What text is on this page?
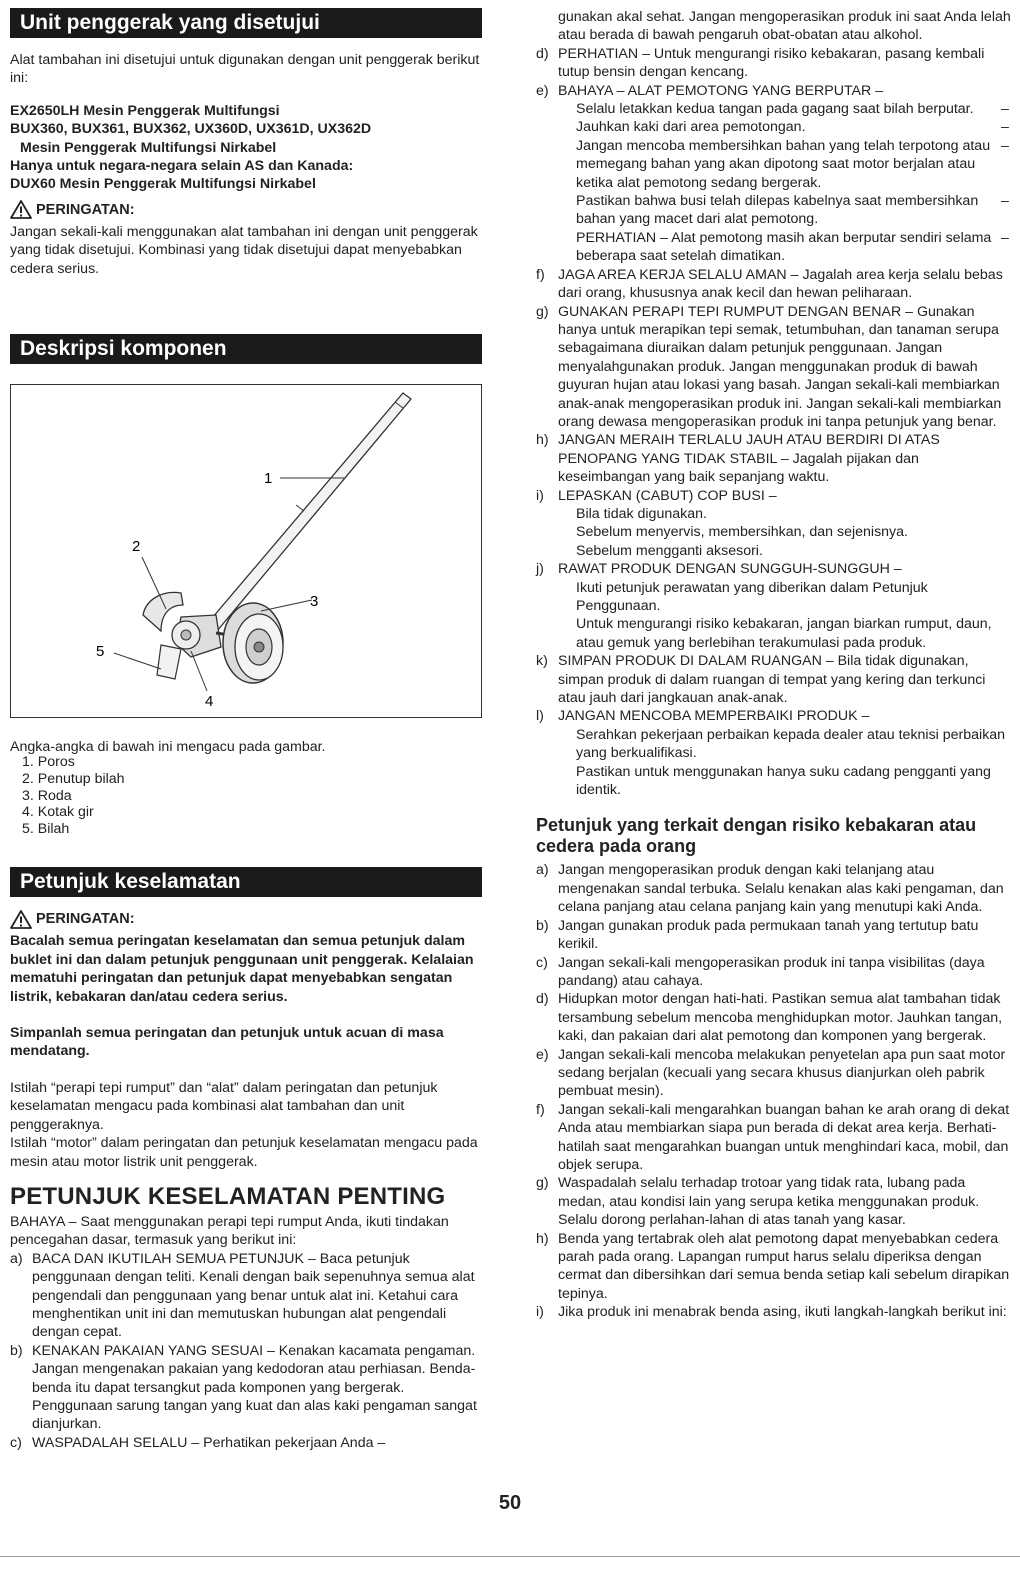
Unit penggerak yang disetujui

Alat tambahan ini disetujui untuk digunakan dengan unit penggerak berikut ini:

EX2650LH Mesin Penggerak Multifungsi

BUX360, BUX361, BUX362, UX360D, UX361D, UX362D

Mesin Penggerak Multifungsi Nirkabel

Hanya untuk negara-negara selain AS dan Kanada:

DUX60 Mesin Penggerak Multifungsi Nirkabel

PERINGATAN:

Jangan sekali-kali menggunakan alat tambahan ini dengan unit penggerak yang tidak disetujui. Kombinasi yang tidak disetujui dapat menyebabkan cedera serius.

Deskripsi komponen
1
2
3
4
5

Angka-angka di bawah ini mengacu pada gambar.

1. Poros

2. Penutup bilah

3. Roda

4. Kotak gir

5. Bilah

Petunjuk keselamatan
PERINGATAN:

Bacalah semua peringatan keselamatan dan semua petunjuk dalam buklet ini dan dalam petunjuk penggunaan unit penggerak. Kelalaian mematuhi peringatan dan petunjuk dapat menyebabkan sengatan listrik, kebakaran dan/atau cedera serius.

Simpanlah semua peringatan dan petunjuk untuk acuan di masa mendatang.

Istilah “perapi tepi rumput” dan “alat” dalam peringatan dan petunjuk keselamatan mengacu pada kombinasi alat tambahan dan unit penggeraknya.

Istilah “motor” dalam peringatan dan petunjuk keselamatan mengacu pada mesin atau motor listrik unit penggerak.

PETUNJUK KESELAMATAN PENTING

BAHAYA – Saat menggunakan perapi tepi rumput Anda, ikuti tindakan pencegahan dasar, termasuk yang berikut ini:

a) BACA DAN IKUTILAH SEMUA PETUNJUK – Baca petunjuk penggunaan dengan teliti. Kenali dengan baik sepenuhnya semua alat pengendali dan penggunaan yang benar untuk alat ini. Ketahui cara menghentikan unit ini dan memutuskan hubungan alat pengendali dengan cepat.
b) KENAKAN PAKAIAN YANG SESUAI – Kenakan kacamata pengaman. Jangan mengenakan pakaian yang kedodoran atau perhiasan. Benda-benda itu dapat tersangkut pada komponen yang bergerak. Penggunaan sarung tangan yang kuat dan alas kaki pengaman sangat dianjurkan.
c) WASPADALAH SELALU – Perhatikan pekerjaan Anda –

gunakan akal sehat. Jangan mengoperasikan produk ini saat Anda lelah atau berada di bawah pengaruh obat-obatan atau alkohol.

d) PERHATIAN – Untuk mengurangi risiko kebakaran, pasang kembali tutup bensin dengan kencang.
e) BAHAYA – ALAT PEMOTONG YANG BERPUTAR –
Selalu letakkan kedua tangan pada gagang saat bilah berputar.	–
Jauhkan kaki dari area pemotongan.	–
Jangan mencoba membersihkan bahan yang telah terpotong atau memegang bahan yang akan dipotong saat motor berjalan atau ketika alat pemotong sedang bergerak.
–
Pastikan bahwa busi telah dilepas kabelnya saat membersihkan bahan yang macet dari alat pemotong.
–
PERHATIAN – Alat pemotong masih akan berputar sendiri selama beberapa saat setelah dimatikan.
–
f) JAGA AREA KERJA SELALU AMAN – Jagalah area kerja selalu bebas dari orang, khususnya anak kecil dan hewan peliharaan.
g) GUNAKAN PERAPI TEPI RUMPUT DENGAN BENAR – Gunakan hanya untuk merapikan tepi semak, tetumbuhan, dan tanaman serupa sebagaimana diuraikan dalam petunjuk penggunaan. Jangan menyalahgunakan produk. Jangan menggunakan produk di bawah guyuran hujan atau lokasi yang basah. Jangan sekali-kali membiarkan anak-anak mengoperasikan produk ini. Jangan sekali-kali membiarkan orang dewasa mengoperasikan produk ini tanpa petunjuk yang benar.
h) JANGAN MERAIH TERLALU JAUH ATAU BERDIRI DI ATAS PENOPANG YANG TIDAK STABIL – Jagalah pijakan dan keseimbangan yang baik sepanjang waktu.
i) LEPASKAN (CABUT) COP BUSI –
Bila tidak digunakan.
Sebelum menyervis, membersihkan, dan sejenisnya.
Sebelum mengganti aksesori.
j) RAWAT PRODUK DENGAN SUNGGUH-SUNGGUH –
Ikuti petunjuk perawatan yang diberikan dalam Petunjuk Penggunaan.
Untuk mengurangi risiko kebakaran, jangan biarkan rumput, daun, atau gemuk yang berlebihan terakumulasi pada produk.
k) SIMPAN PRODUK DI DALAM RUANGAN – Bila tidak digunakan, simpan produk di dalam ruangan di tempat yang kering dan terkunci atau jauh dari jangkauan anak-anak.
l) JANGAN MENCOBA MEMPERBAIKI PRODUK –
Serahkan pekerjaan perbaikan kepada dealer atau teknisi perbaikan yang berkualifikasi.
Pastikan untuk menggunakan hanya suku cadang pengganti yang identik.
Petunjuk yang terkait dengan risiko kebakaran atau cedera pada orang
a) Jangan mengoperasikan produk dengan kaki telanjang atau mengenakan sandal terbuka. Selalu kenakan alas kaki pengaman, dan celana panjang atau celana panjang kain yang menutupi kaki Anda.
b) Jangan gunakan produk pada permukaan tanah yang tertutup batu kerikil.
c) Jangan sekali-kali mengoperasikan produk ini tanpa visibilitas (daya pandang) atau cahaya.
d) Hidupkan motor dengan hati-hati. Pastikan semua alat tambahan tidak tersambung sebelum mencoba menghidupkan motor. Jauhkan tangan, kaki, dan pakaian dari alat pemotong dan komponen yang bergerak.
e) Jangan sekali-kali mencoba melakukan penyetelan apa pun saat motor sedang berjalan (kecuali yang secara khusus dianjurkan oleh pabrik pembuat mesin).
f) Jangan sekali-kali mengarahkan buangan bahan ke arah orang di dekat Anda atau membiarkan siapa pun berada di dekat area kerja. Berhati-hatilah saat mengarahkan buangan untuk menghindari kaca, mobil, dan objek serupa.
g) Waspadalah selalu terhadap trotoar yang tidak rata, lubang pada medan, atau kondisi lain yang serupa ketika menggunakan produk. Selalu dorong perlahan-lahan di atas tanah yang kasar.
h) Benda yang tertabrak oleh alat pemotong dapat menyebabkan cedera parah pada orang. Lapangan rumput harus selalu diperiksa dengan cermat dan dibersihkan dari semua benda setiap kali sebelum dirapikan tepinya.
i) Jika produk ini menabrak benda asing, ikuti langkah-langkah berikut ini:
50
